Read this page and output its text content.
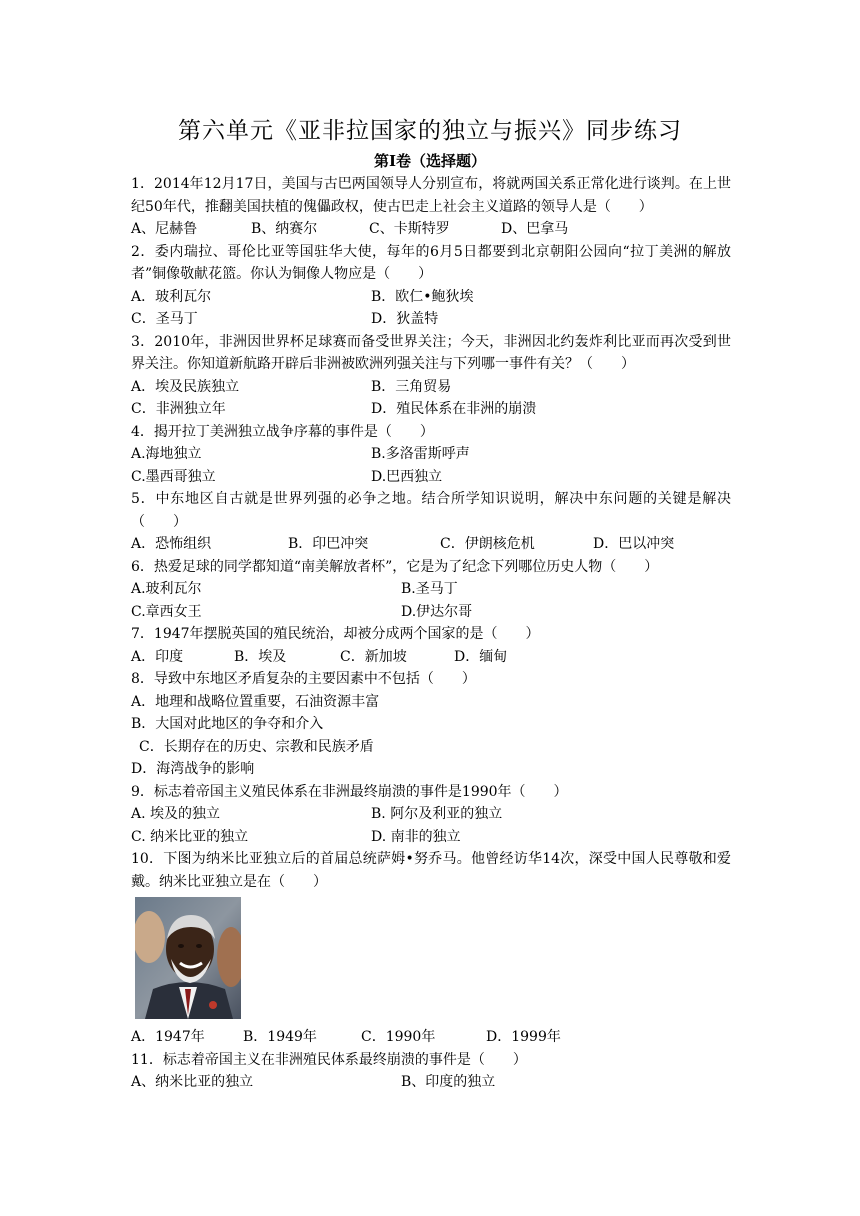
第六单元《亚非拉国家的独立与振兴》同步练习
第Ⅰ卷（选择题）

1．2014年12月17日，美国与古巴两国领导人分别宣布，将就两国关系正常化进行谈判。在上世纪50年代，推翻美国扶植的傀儡政权，使古巴走上社会主义道路的领导人是（　　）

A、尼赫鲁	B、纳赛尔	C、卡斯特罗	D、巴拿马

2．委内瑞拉、哥伦比亚等国驻华大使，每年的6月5日都要到北京朝阳公园向“拉丁美洲的解放者”铜像敬献花篮。你认为铜像人物应是（　　）

A．玻利瓦尔	B．欧仁•鲍狄埃
C．圣马丁	D．狄盖特

3．2010年，非洲因世界杯足球赛而备受世界关注；今天，非洲因北约轰炸利比亚而再次受到世界关注。你知道新航路开辟后非洲被欧洲列强关注与下列哪一事件有关？（　　）

A．埃及民族独立	B．三角贸易
C．非洲独立年	D．殖民体系在非洲的崩溃

4．揭开拉丁美洲独立战争序幕的事件是（　　）

A.海地独立	B.多洛雷斯呼声
C.墨西哥独立	D.巴西独立

5．中东地区自古就是世界列强的必争之地。结合所学知识说明，解决中东问题的关键是解决（　　）

A．恐怖组织	B．印巴冲突	C．伊朗核危机	D．巴以冲突

6．热爱足球的同学都知道“南美解放者杯”，它是为了纪念下列哪位历史人物（　　）

A.玻利瓦尔	B.圣马丁
C.章西女王	D.伊达尔哥

7．1947年摆脱英国的殖民统治，却被分成两个国家的是（　　）

A．印度	B．埃及	C．新加坡	D．缅甸

8．导致中东地区矛盾复杂的主要因素中不包括（　　）

A．地理和战略位置重要，石油资源丰富
B．大国对此地区的争夺和介入
C．长期存在的历史、宗教和民族矛盾
D．海湾战争的影响

9．标志着帝国主义殖民体系在非洲最终崩溃的事件是1990年（　　）

A. 埃及的独立	B. 阿尔及利亚的独立
C. 纳米比亚的独立	D. 南非的独立

10．下图为纳米比亚独立后的首届总统萨姆•努乔马。他曾经访华14次，深受中国人民尊敬和爱戴。纳米比亚独立是在（　　）

A．1947年	B．1949年	C．1990年	D．1999年

11．标志着帝国主义在非洲殖民体系最终崩溃的事件是（　　）

A、纳米比亚的独立	B、印度的独立
